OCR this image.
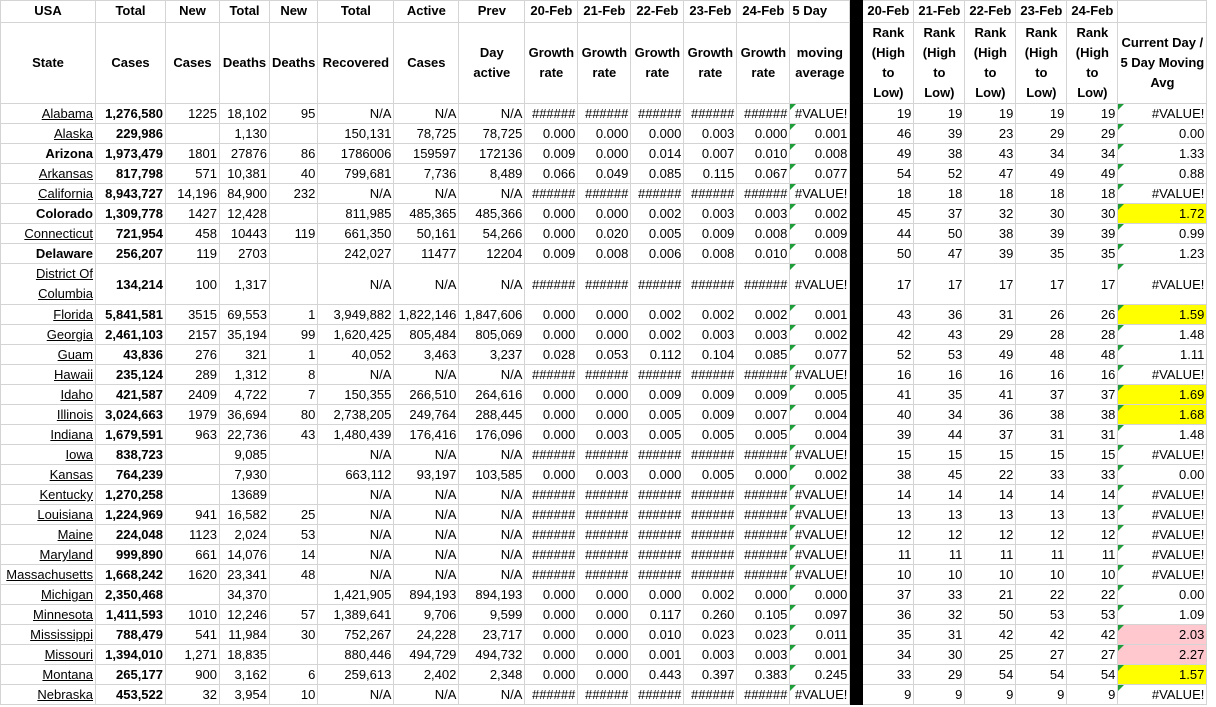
USA	Total	New	Total	New	Total	Active	Prev	20-Feb	21-Feb	22-Feb	23-Feb	24-Feb	5 Day		20-Feb	21-Feb	22-Feb	23-Feb	24-Feb	
State	Cases	Cases	Deaths	Deaths	Recovered	Cases	Day active	Growth rate	Growth rate	Growth rate	Growth rate	Growth rate	moving average		Rank (High to Low)	Rank (High to Low)	Rank (High to Low)	Rank (High to Low)	Rank (High to Low)	Current Day / 5 Day Moving Avg
Alabama	1,276,580	1225	18,102	95	N/A	N/A	N/A	######	######	######	######	######	#VALUE!		19	19	19	19	19	#VALUE!
Alaska	229,986		1,130		150,131	78,725	78,725	0.000	0.000	0.000	0.003	0.000	0.001		46	39	23	29	29	0.00
Arizona	1,973,479	1801	27876	86	1786006	159597	172136	0.009	0.000	0.014	0.007	0.010	0.008		49	38	43	34	34	1.33
Arkansas	817,798	571	10,381	40	799,681	7,736	8,489	0.066	0.049	0.085	0.115	0.067	0.077		54	52	47	49	49	0.88
California	8,943,727	14,196	84,900	232	N/A	N/A	N/A	######	######	######	######	######	#VALUE!		18	18	18	18	18	#VALUE!
Colorado	1,309,778	1427	12,428		811,985	485,365	485,366	0.000	0.000	0.002	0.003	0.003	0.002		45	37	32	30	30	1.72
Connecticut	721,954	458	10443	119	661,350	50,161	54,266	0.000	0.020	0.005	0.009	0.008	0.009		44	50	38	39	39	0.99
Delaware	256,207	119	2703		242,027	11477	12204	0.009	0.008	0.006	0.008	0.010	0.008		50	47	39	35	35	1.23
District Of Columbia	134,214	100	1,317		N/A	N/A	N/A	######	######	######	######	######	#VALUE!		17	17	17	17	17	#VALUE!
Florida	5,841,581	3515	69,553	1	3,949,882	1,822,146	1,847,606	0.000	0.000	0.002	0.002	0.002	0.001		43	36	31	26	26	1.59
Georgia	2,461,103	2157	35,194	99	1,620,425	805,484	805,069	0.000	0.000	0.002	0.003	0.003	0.002		42	43	29	28	28	1.48
Guam	43,836	276	321	1	40,052	3,463	3,237	0.028	0.053	0.112	0.104	0.085	0.077		52	53	49	48	48	1.11
Hawaii	235,124	289	1,312	8	N/A	N/A	N/A	######	######	######	######	######	#VALUE!		16	16	16	16	16	#VALUE!
Idaho	421,587	2409	4,722	7	150,355	266,510	264,616	0.000	0.000	0.009	0.009	0.009	0.005		41	35	41	37	37	1.69
Illinois	3,024,663	1979	36,694	80	2,738,205	249,764	288,445	0.000	0.000	0.005	0.009	0.007	0.004		40	34	36	38	38	1.68
Indiana	1,679,591	963	22,736	43	1,480,439	176,416	176,096	0.000	0.003	0.005	0.005	0.005	0.004		39	44	37	31	31	1.48
Iowa	838,723		9,085		N/A	N/A	N/A	######	######	######	######	######	#VALUE!		15	15	15	15	15	#VALUE!
Kansas	764,239		7,930		663,112	93,197	103,585	0.000	0.003	0.000	0.005	0.000	0.002		38	45	22	33	33	0.00
Kentucky	1,270,258		13689		N/A	N/A	N/A	######	######	######	######	######	#VALUE!		14	14	14	14	14	#VALUE!
Louisiana	1,224,969	941	16,582	25	N/A	N/A	N/A	######	######	######	######	######	#VALUE!		13	13	13	13	13	#VALUE!
Maine	224,048	1123	2,024	53	N/A	N/A	N/A	######	######	######	######	######	#VALUE!		12	12	12	12	12	#VALUE!
Maryland	999,890	661	14,076	14	N/A	N/A	N/A	######	######	######	######	######	#VALUE!		11	11	11	11	11	#VALUE!
Massachusetts	1,668,242	1620	23,341	48	N/A	N/A	N/A	######	######	######	######	######	#VALUE!		10	10	10	10	10	#VALUE!
Michigan	2,350,468		34,370		1,421,905	894,193	894,193	0.000	0.000	0.000	0.002	0.000	0.000		37	33	21	22	22	0.00
Minnesota	1,411,593	1010	12,246	57	1,389,641	9,706	9,599	0.000	0.000	0.117	0.260	0.105	0.097		36	32	50	53	53	1.09
Mississippi	788,479	541	11,984	30	752,267	24,228	23,717	0.000	0.000	0.010	0.023	0.023	0.011		35	31	42	42	42	2.03
Missouri	1,394,010	1,271	18,835		880,446	494,729	494,732	0.000	0.000	0.001	0.003	0.003	0.001		34	30	25	27	27	2.27
Montana	265,177	900	3,162	6	259,613	2,402	2,348	0.000	0.000	0.443	0.397	0.383	0.245		33	29	54	54	54	1.57
Nebraska	453,522	32	3,954	10	N/A	N/A	N/A	######	######	######	######	######	#VALUE!		9	9	9	9	9	#VALUE!
